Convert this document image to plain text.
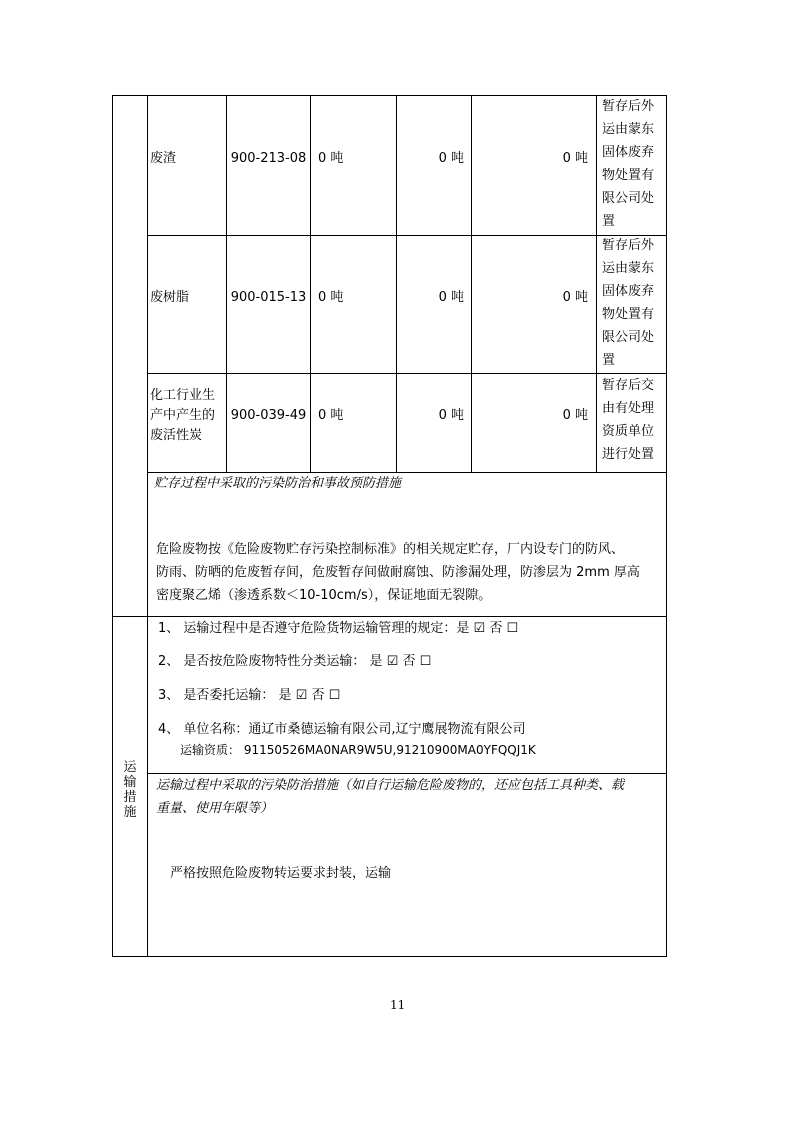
废渣	900-213-08 0 吨	0 吨	0 吨
暂存后外
运由蒙东
固体废弃
物处置有
限公司处
置
废树脂	900-015-13 0 吨	0 吨	0 吨
暂存后外
运由蒙东
固体废弃
物处置有
限公司处
置
化工行业生
产中产生的
废活性炭
900-039-49 0 吨	0 吨	0 吨
暂存后交
由有处理
资质单位
进行处置
贮存过程中采取的污染防治和事故预防措施
危险废物按《危险废物贮存污染控制标准》的相关规定贮存，厂内设专门的防风、
防雨、防晒的危废暂存间，危废暂存间做耐腐蚀、防渗漏处理，防渗层为 2mm 厚高
密度聚乙烯（渗透系数＜10-10cm/s），保证地面无裂隙。
运输措施
1、 运输过程中是否遵守危险货物运输管理的规定：是 ☑ 否 ☐
2、 是否按危险废物特性分类运输： 是 ☑ 否 ☐
3、 是否委托运输： 是 ☑ 否 ☐
4、 单位名称：通辽市桑德运输有限公司,辽宁鹰展物流有限公司
运输资质： 91150526MA0NAR9W5U,91210900MA0YFQQJ1K
运输过程中采取的污染防治措施（如自行运输危险废物的，还应包括工具种类、载
重量、使用年限等）
严格按照危险废物转运要求封装，运输
11
